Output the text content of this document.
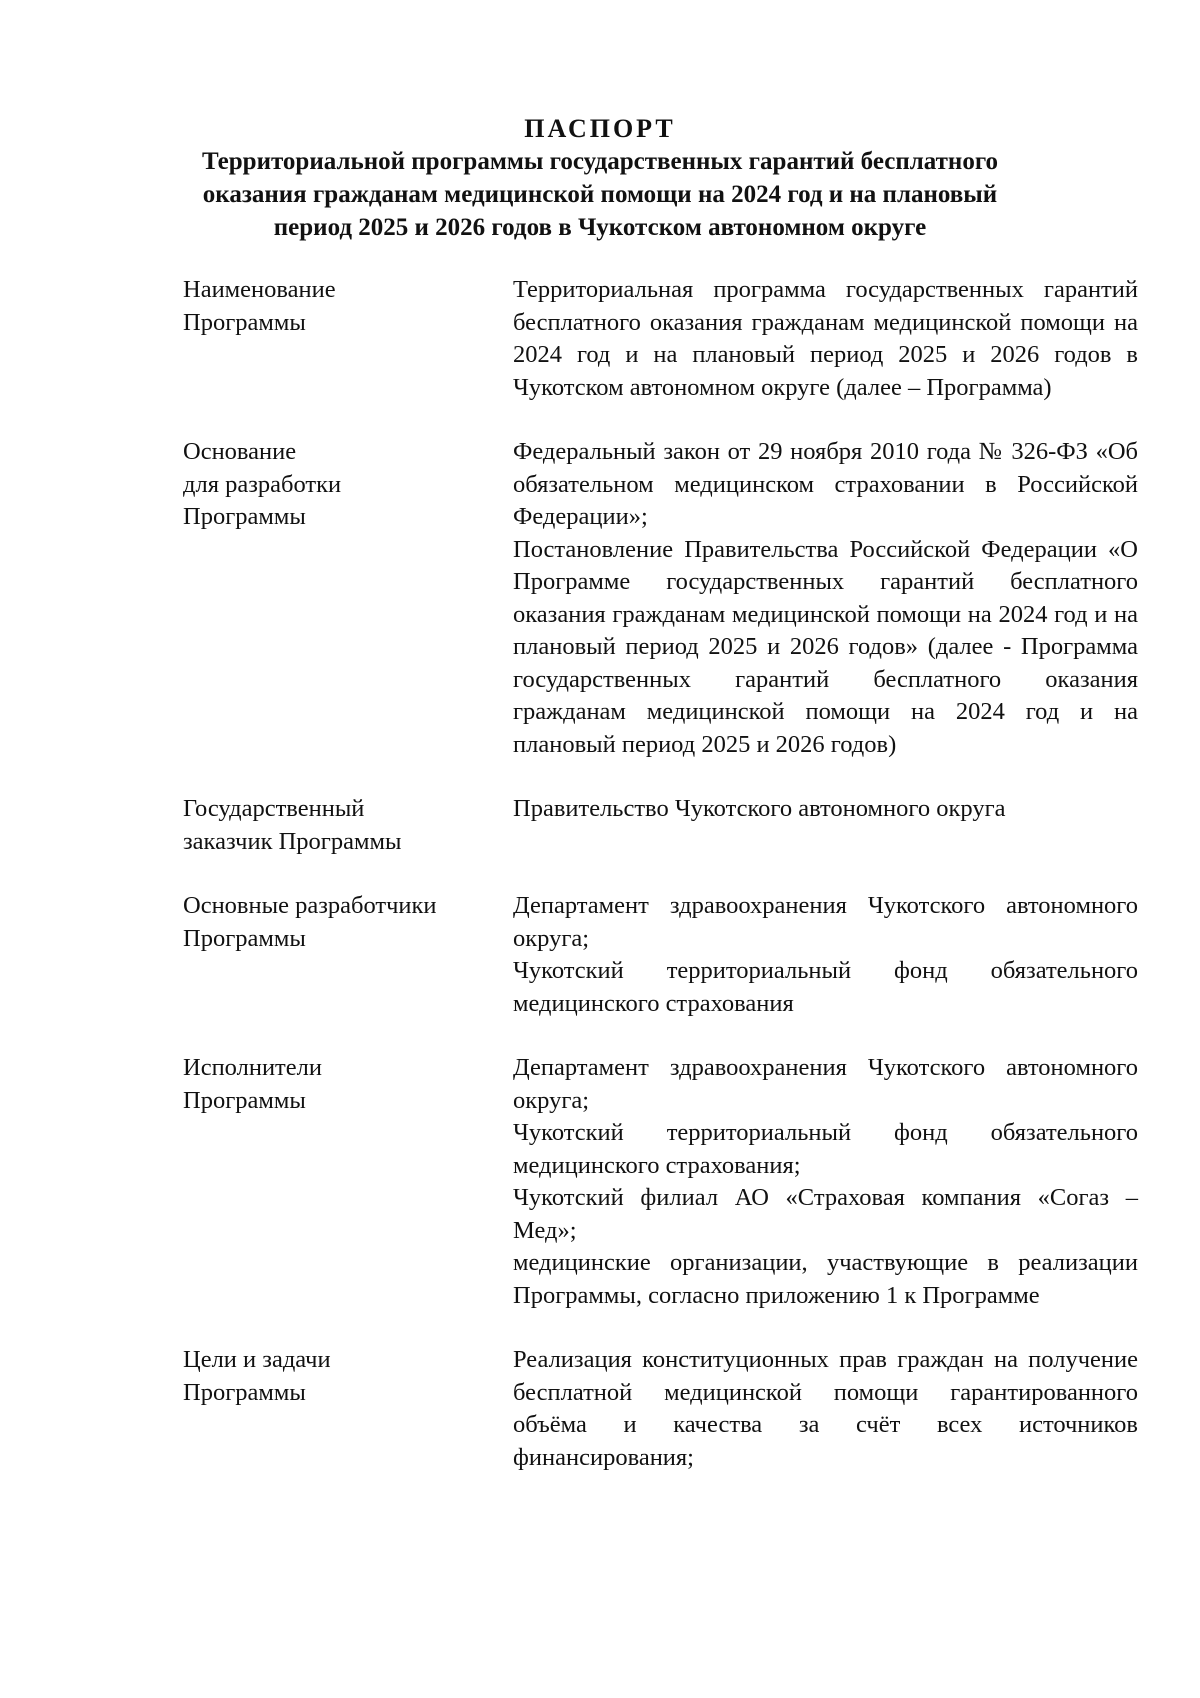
ПАСПОРТ
Территориальной программы государственных гарантий бесплатного
оказания гражданам медицинской помощи на 2024 год и на плановый
период 2025 и 2026 годов в Чукотском автономном округе

Наименование

Программы

Территориальная программа государственных гарантий бесплатного оказания гражданам медицинской помощи на 2024 год и на плановый период 2025 и 2026 годов в Чукотском автономном округе (далее – Программа)

Основание

для разработки

Программы

Федеральный закон от 29 ноября 2010 года № 326-ФЗ «Об обязательном медицинском страховании в Российской Федерации»;

Постановление Правительства Российской Федерации «О Программе государственных гарантий бесплатного оказания гражданам медицинской помощи на 2024 год и на плановый период 2025 и 2026 годов» (далее - Программа государственных гарантий бесплатного оказания гражданам медицинской помощи на 2024 год и на плановый период 2025 и 2026 годов)

Государственный

заказчик Программы

Правительство Чукотского автономного округа

Основные разработчики

Программы

Департамент здравоохранения Чукотского автономного округа;

Чукотский территориальный фонд обязательного медицинского страхования

Исполнители

Программы

Департамент здравоохранения Чукотского автономного округа;

Чукотский территориальный фонд обязательного медицинского страхования;

Чукотский филиал АО «Страховая компания «Согаз – Мед»;

медицинские организации, участвующие в реализации Программы, согласно приложению 1 к Программе

Цели и задачи

Программы

Реализация конституционных прав граждан на получение бесплатной медицинской помощи гарантированного объёма и качества за счёт всех источников финансирования;
